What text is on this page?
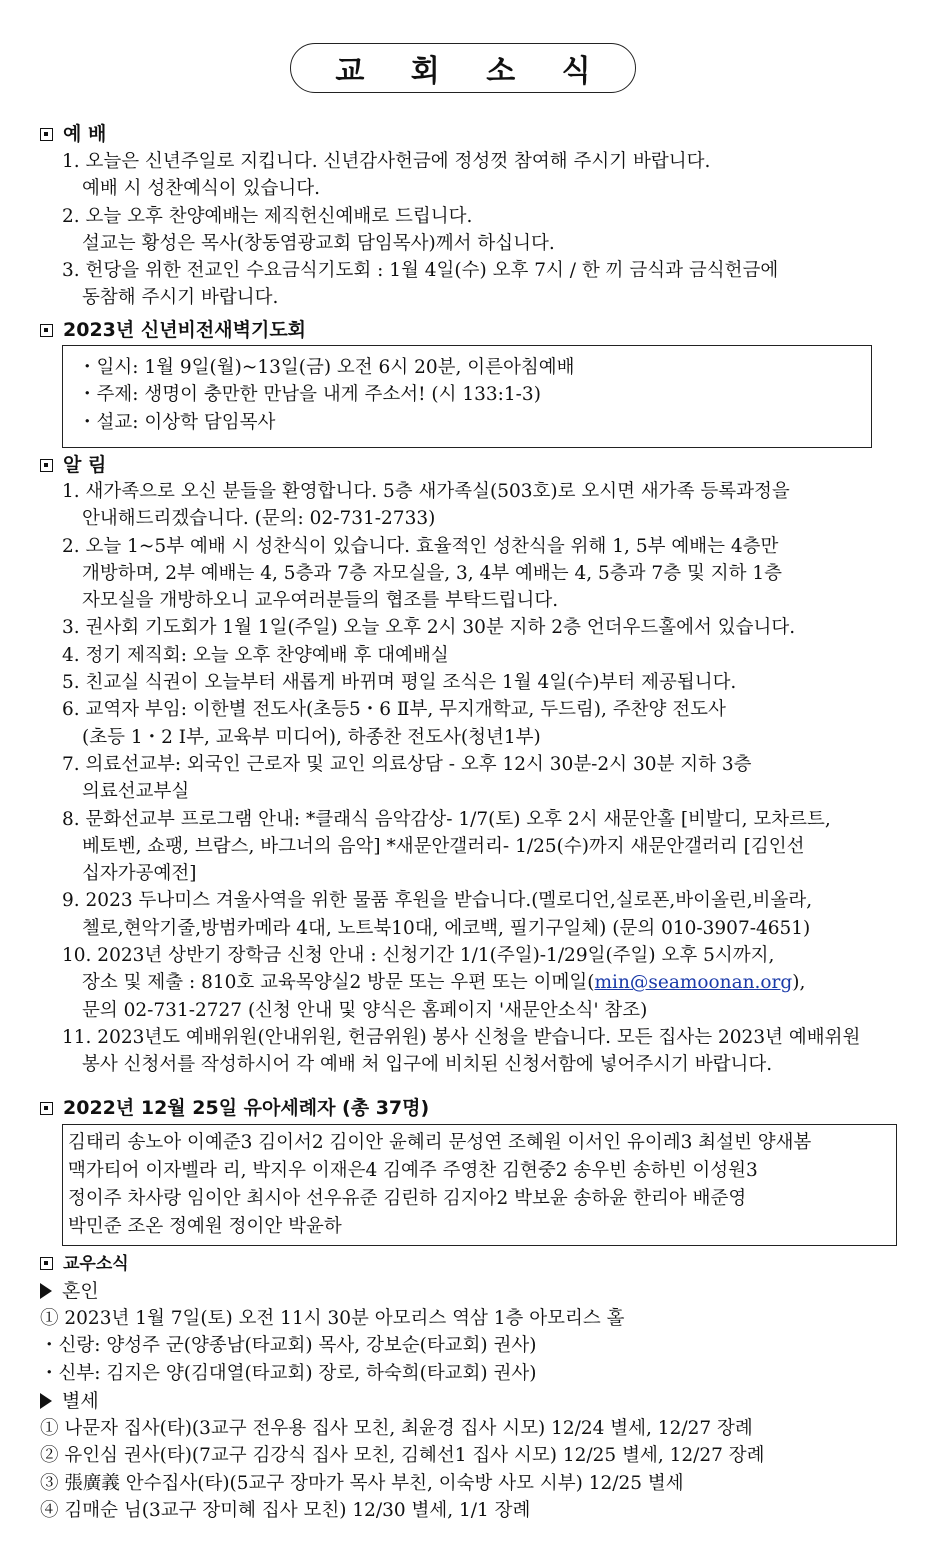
교 회 소 식
예 배

1. 오늘은 신년주일로 지킵니다. 신년감사헌금에 정성껏 참여해 주시기 바랍니다.

예배 시 성찬예식이 있습니다.

2. 오늘 오후 찬양예배는 제직헌신예배로 드립니다.

설교는 황성은 목사(창동염광교회 담임목사)께서 하십니다.

3. 헌당을 위한 전교인 수요금식기도회 : 1월 4일(수) 오후 7시 / 한 끼 금식과 금식헌금에

동참해 주시기 바랍니다.

2023년 신년비전새벽기도회

・일시: 1월 9일(월)~13일(금) 오전 6시 20분, 이른아침예배

・주제: 생명이 충만한 만남을 내게 주소서! (시 133:1-3)

・설교: 이상학 담임목사

알 림

1. 새가족으로 오신 분들을 환영합니다. 5층 새가족실(503호)로 오시면 새가족 등록과정을

안내해드리겠습니다. (문의: 02-731-2733)

2. 오늘 1~5부 예배 시 성찬식이 있습니다. 효율적인 성찬식을 위해 1, 5부 예배는 4층만

개방하며, 2부 예배는 4, 5층과 7층 자모실을, 3, 4부 예배는 4, 5층과 7층 및 지하 1층

자모실을 개방하오니 교우여러분들의 협조를 부탁드립니다.

3. 권사회 기도회가 1월 1일(주일) 오늘 오후 2시 30분 지하 2층 언더우드홀에서 있습니다.

4. 정기 제직회: 오늘 오후 찬양예배 후 대예배실

5. 친교실 식권이 오늘부터 새롭게 바뀌며 평일 조식은 1월 4일(수)부터 제공됩니다.

6. 교역자 부임: 이한별 전도사(초등5・6 Ⅱ부, 무지개학교, 두드림), 주찬양 전도사

(초등 1・2 Ⅰ부, 교육부 미디어), 하종찬 전도사(청년1부)

7. 의료선교부: 외국인 근로자 및 교인 의료상담 - 오후 12시 30분-2시 30분 지하 3층

의료선교부실

8. 문화선교부 프로그램 안내: *클래식 음악감상- 1/7(토) 오후 2시 새문안홀 [비발디, 모차르트,

베토벤, 쇼팽, 브람스, 바그너의 음악] *새문안갤러리- 1/25(수)까지 새문안갤러리 [김인선

십자가공예전]

9. 2023 두나미스 겨울사역을 위한 물품 후원을 받습니다.(멜로디언,실로폰,바이올린,비올라,

첼로,현악기줄,방범카메라 4대, 노트북10대, 에코백, 필기구일체) (문의 010-3907-4651)

10. 2023년 상반기 장학금 신청 안내 : 신청기간 1/1(주일)-1/29일(주일) 오후 5시까지,

장소 및 제출 : 810호 교육목양실2 방문 또는 우편 또는 이메일(min@seamoonan.org),

문의 02-731-2727 (신청 안내 및 양식은 홈페이지 '새문안소식' 참조)

11. 2023년도 예배위원(안내위원, 헌금위원) 봉사 신청을 받습니다. 모든 집사는 2023년 예배위원

봉사 신청서를 작성하시어 각 예배 처 입구에 비치된 신청서함에 넣어주시기 바랍니다.

2022년 12월 25일 유아세례자 (총 37명)

김태리 송노아 이예준3 김이서2 김이안 윤혜리 문성연 조혜원 이서인 유이레3 최설빈 양새봄

맥가티어 이자벨라 리, 박지우 이재은4 김예주 주영찬 김현중2 송우빈 송하빈 이성원3

정이주 차사랑 임이안 최시아 선우유준 김린하 김지아2 박보윤 송하윤 한리아 배준영

박민준 조온 정예원 정이안 박윤하

교우소식
혼인

① 2023년 1월 7일(토) 오전 11시 30분 아모리스 역삼 1층 아모리스 홀

・신랑: 양성주 군(양종남(타교회) 목사, 강보순(타교회) 권사)

・신부: 김지은 양(김대열(타교회) 장로, 하숙희(타교회) 권사)

별세

① 나문자 집사(타)(3교구 전우용 집사 모친, 최윤경 집사 시모) 12/24 별세, 12/27 장례

② 유인심 권사(타)(7교구 김강식 집사 모친, 김혜선1 집사 시모) 12/25 별세, 12/27 장례

③ 張廣義 안수집사(타)(5교구 장마가 목사 부친, 이숙방 사모 시부) 12/25 별세

④ 김매순 님(3교구 장미혜 집사 모친) 12/30 별세, 1/1 장례
